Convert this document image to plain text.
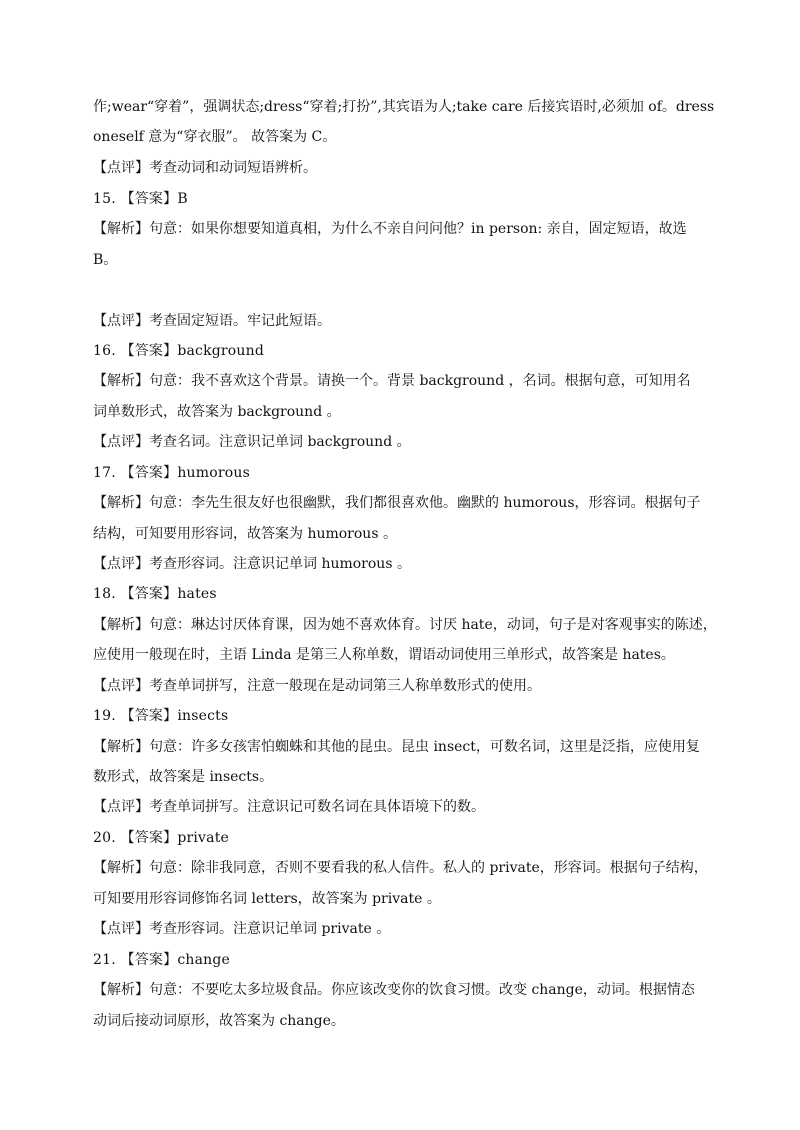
作;wear“穿着”，强调状态;dress“穿着;打扮”,其宾语为人;take care 后接宾语时,必须加 of。dress
oneself 意为“穿衣服”。 故答案为 C。
【点评】考查动词和动词短语辨析。
15. 【答案】B
【解析】句意：如果你想要知道真相，为什么不亲自问问他？in person: 亲自，固定短语，故选
B。
【点评】考查固定短语。牢记此短语。
16. 【答案】background
【解析】句意：我不喜欢这个背景。请换一个。背景 background ，名词。根据句意，可知用名
词单数形式，故答案为 background 。
【点评】考查名词。注意识记单词 background 。
17. 【答案】humorous
【解析】句意：李先生很友好也很幽默，我们都很喜欢他。幽默的 humorous，形容词。根据句子
结构，可知要用形容词，故答案为 humorous 。
【点评】考查形容词。注意识记单词 humorous 。
18. 【答案】hates
【解析】句意：琳达讨厌体育课，因为她不喜欢体育。讨厌 hate，动词，句子是对客观事实的陈述，
应使用一般现在时，主语 Linda 是第三人称单数，谓语动词使用三单形式，故答案是 hates。
【点评】考查单词拼写，注意一般现在是动词第三人称单数形式的使用。
19. 【答案】insects
【解析】句意：许多女孩害怕蜘蛛和其他的昆虫。昆虫 insect，可数名词，这里是泛指，应使用复
数形式，故答案是 insects。
【点评】考查单词拼写。注意识记可数名词在具体语境下的数。
20. 【答案】private
【解析】句意：除非我同意，否则不要看我的私人信件。私人的 private，形容词。根据句子结构，
可知要用形容词修饰名词 letters，故答案为 private 。
【点评】考查形容词。注意识记单词 private 。
21. 【答案】change
【解析】句意：不要吃太多垃圾食品。你应该改变你的饮食习惯。改变 change，动词。根据情态
动词后接动词原形，故答案为 change。
